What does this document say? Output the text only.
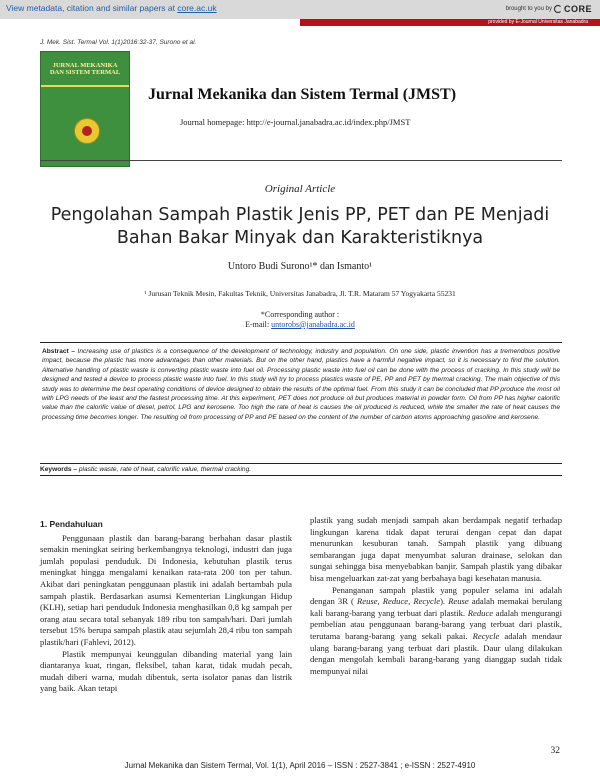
View metadata, citation and similar papers at core.ac.uk	brought to you by CORE
provided by E-Journal Universitas Janabadra
J. Mek. Sist. Termal Vol. 1(1)2016:32-37, Surono et al.
JURNAL MEKANIKA DAN SISTEM TERMAL
Jurnal Mekanika dan Sistem Termal (JMST)
Journal homepage: http://e-journal.janabadra.ac.id/index.php/JMST
Original Article
Pengolahan Sampah Plastik Jenis PP, PET dan PE Menjadi
Bahan Bakar Minyak dan Karakteristiknya
Untoro Budi Surono¹* dan Ismanto¹
¹ Jurusan Teknik Mesin, Fakultas Teknik, Universitas Janabadra, Jl. T.R. Mataram 57 Yogyakarta 55231
*Corresponding author :
E-mail: untorobs@janabadra.ac.id
Abstract – Increasing use of plastics is a consequence of the development of technology, industry and population. On one side, plastic invention has a tremendous positive impact, because the plastic has more advantages than other materials. But on the other hand, plastics have a harmful negative impact, so it is necessary to find the solution. Alternative handling of plastic waste is converting plastic waste into fuel oil. Processing plastic waste into fuel oil can be done with the process of cracking. In this study will be designed and tested a device to process plastic waste into fuel. In this study will try to process plastics waste of PE, PP and PET by thermal cracking. The main objective of this study was to determine the best operating conditions of device designed to obtain the results of the optimal fuel. From this study it can be concluded that PP produce the most oil with LPG needs of the least and the fastest processing time. At this experiment, PET does not produce oil but produces material in powder form. Oil from PP has higher calorific value than the calorific value of diesel, petrol, LPG and kerosene. Too high the rate of heat is causes the oil produced is reduced, while the smaller the rate of heat causes the processing time becomes longer. The resulting oil from processing of PP and PE based on the content of the number of carbon atoms approaching gasoline and kerosene.
Keywords – plastic waste, rate of heat, calorific value, thermal cracking.

1. Pendahuluan

Penggunaan plastik dan barang-barang berbahan dasar plastik semakin meningkat seiring berkembangnya teknologi, industri dan juga jumlah populasi penduduk. Di Indonesia, kebutuhan plastik terus meningkat hingga mengalami kenaikan rata-rata 200 ton per tahun. Akibat dari peningkatan penggunaan plastik ini adalah bertambah pula sampah plastik. Berdasarkan asumsi Kementerian Lingkungan Hidup (KLH), setiap hari penduduk Indonesia menghasilkan 0,8 kg sampah per orang atau secara total sebanyak 189 ribu ton sampah/hari. Dari jumlah tersebut 15% berupa sampah plastik atau sejumlah 28,4 ribu ton sampah plastik/hari (Fahlevi, 2012).

Plastik mempunyai keunggulan dibanding material yang lain diantaranya kuat, ringan, fleksibel, tahan karat, tidak mudah pecah, mudah diberi warna, mudah dibentuk, serta isolator panas dan listrik yang baik. Akan tetapi

plastik yang sudah menjadi sampah akan berdampak negatif terhadap lingkungan karena tidak dapat terurai dengan cepat dan dapat menurunkan kesuburan tanah. Sampah plastik yang dibuang sembarangan juga dapat menyumbat saluran drainase, selokan dan sungai sehingga bisa menyebabkan banjir. Sampah plastik yang dibakar bisa mengeluarkan zat-zat yang berbahaya bagi kesehatan manusia.

Penanganan sampah plastik yang populer selama ini adalah dengan 3R ( Reuse, Reduce, Recycle). Reuse adalah memakai berulang kali barang-barang yang terbuat dari plastik. Reduce adalah mengurangi pembelian atau penggunaan barang-barang yang terbuat dari plastik, terutama barang-barang yang sekali pakai. Recycle adalah mendaur ulang barang-barang yang terbuat dari plastik. Daur ulang dilakukan dengan mengolah kembali barang-barang yang dianggap sudah tidak mempunyai nilai

32
Jurnal Mekanika dan Sistem Termal, Vol. 1(1), April 2016 – ISSN : 2527-3841 ; e-ISSN : 2527-4910
